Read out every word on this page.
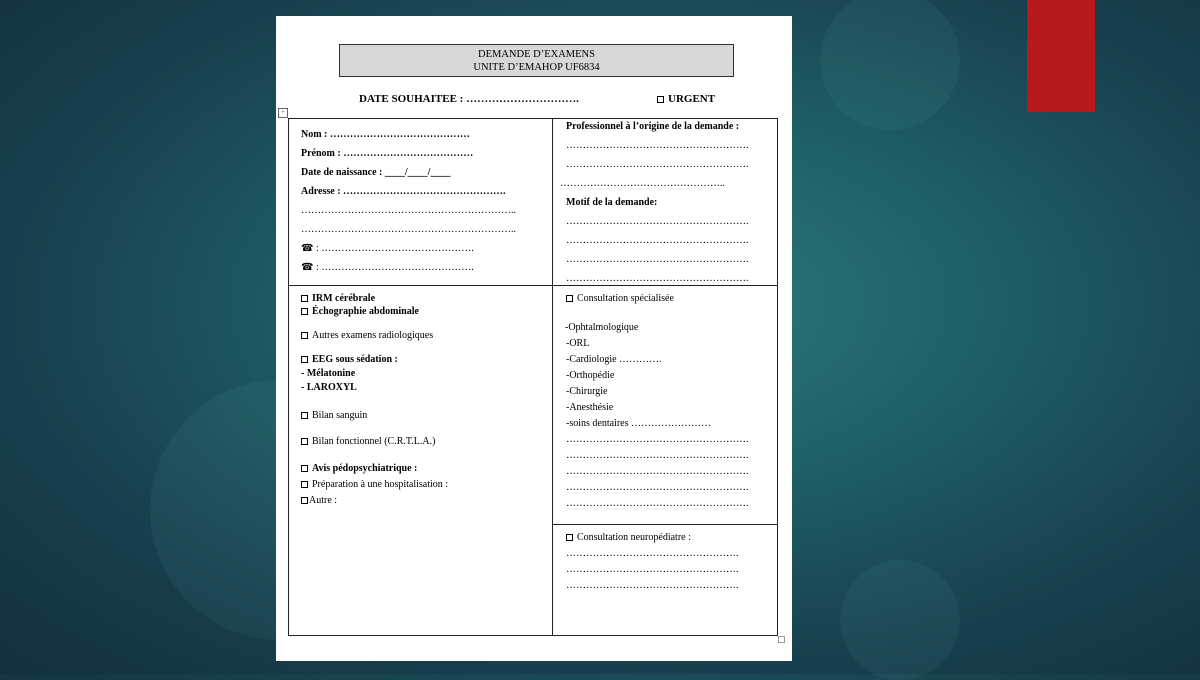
DEMANDE D’EXAMENS
UNITE D’EMAHOP UF6834
DATE SOUHAITEE : ………………………….	URGENT
+
Nom : ……………………………………
Prénom : …………………………………
Date de naissance : ____/____/____
Adresse : ………………………………………….
………………………………………………………..
………………………………………………………..
☎ : ……………………………………….
☎ : ……………………………………….
Professionnel à l’origine de la demande :
……………………………………………….
……………………………………………….
…………………………………………..
Motif de la demande:
……………………………………………….
……………………………………………….
……………………………………………….
……………………………………………….
IRM cérébrale
Échographie abdominale
Autres examens radiologiques
EEG sous sédation :
- Mélatonine
- LAROXYL
Bilan sanguin
Bilan fonctionnel (C.R.T.L.A.)
Avis pédopsychiatrique :
Préparation à une hospitalisation :
Autre :
Consultation spécialisée
-Ophtalmologique
-ORL
-Cardiologie ………….
-Orthopédie
-Chirurgie
-Anesthésie
-soins dentaires ……………………
……………………………………………….
……………………………………………….
……………………………………………….
……………………………………………….
……………………………………………….
Consultation neuropédiatre :
…………………………………………….
…………………………………………….
…………………………………………….
